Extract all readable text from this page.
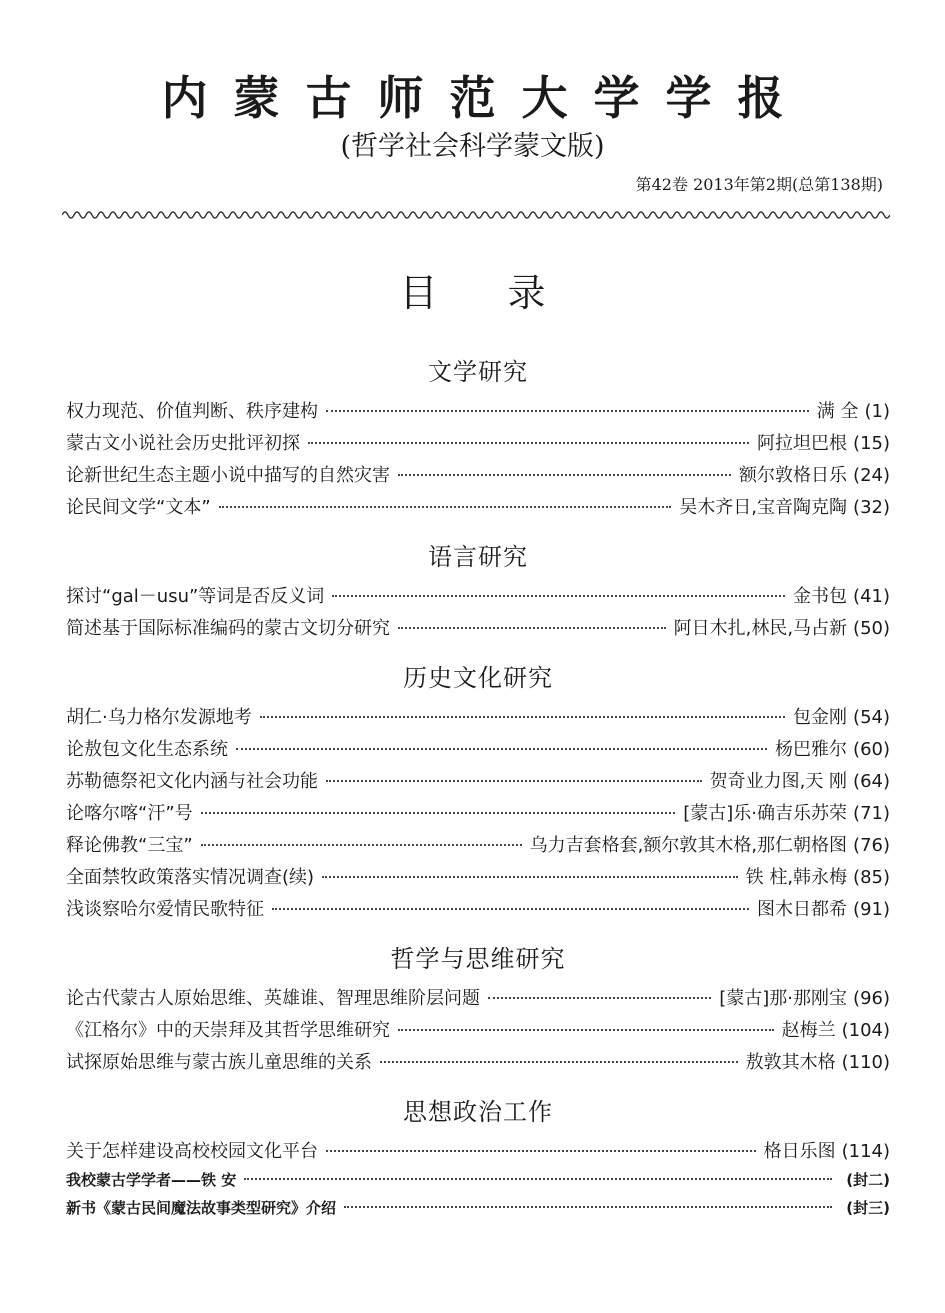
内蒙古师范大学学报
(哲学社会科学蒙文版)
第42卷 2013年第2期(总第138期)
目录
文学研究
权力现范、价值判断、秩序建构	满 全 (1)
蒙古文小说社会历史批评初探	阿拉坦巴根 (15)
论新世纪生态主题小说中描写的自然灾害	额尔敦格日乐 (24)
论民间文学“文本”	吴木齐日,宝音陶克陶 (32)
语言研究
探讨“gal－usu”等词是否反义词	金书包 (41)
简述基于国际标准编码的蒙古文切分研究	阿日木扎,林民,马占新 (50)
历史文化研究
胡仁·乌力格尔发源地考	包金刚 (54)
论敖包文化生态系统	杨巴雅尔 (60)
苏勒德祭祀文化内涵与社会功能	贺奇业力图,天 刚 (64)
论喀尔喀“汗”号	[蒙古]乐·确吉乐苏荣 (71)
释论佛教“三宝”	乌力吉套格套,额尔敦其木格,那仁朝格图 (76)
全面禁牧政策落实情况调查(续)	铁 柱,韩永梅 (85)
浅谈察哈尔爱情民歌特征	图木日都希 (91)
哲学与思维研究
论古代蒙古人原始思维、英雄谁、智理思维阶层问题	[蒙古]那·那刚宝 (96)
《江格尔》中的天崇拜及其哲学思维研究	赵梅兰 (104)
试探原始思维与蒙古族儿童思维的关系	敖敦其木格 (110)
思想政治工作
关于怎样建设高校校园文化平台	格日乐图 (114)
我校蒙古学学者——铁 安	(封二)
新书《蒙古民间魔法故事类型研究》介绍	(封三)
